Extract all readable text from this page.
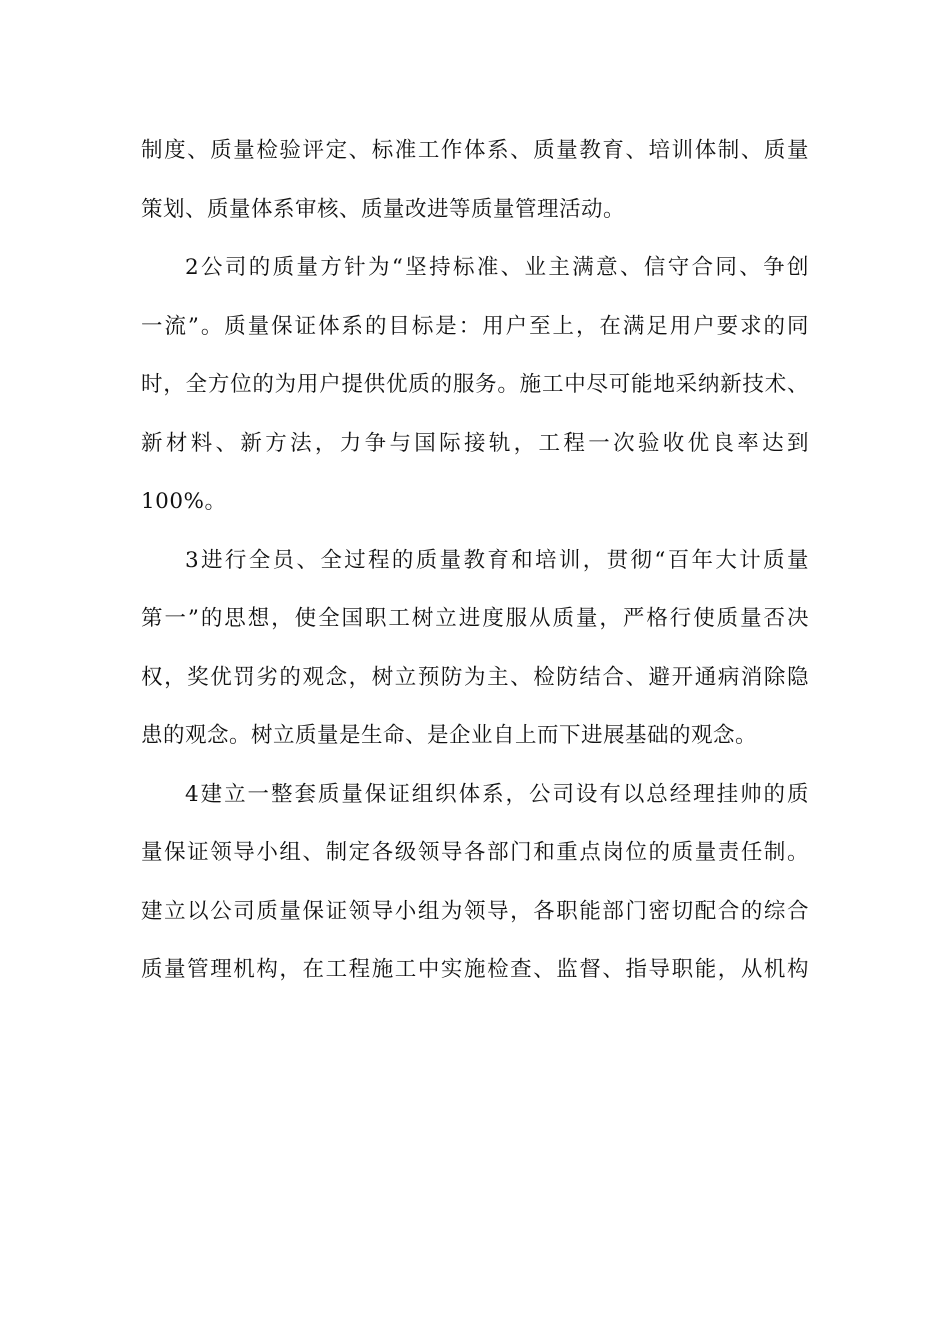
制度、质量检验评定、标准工作体系、质量教育、培训体制、质量
策划、质量体系审核、质量改进等质量管理活动。
2公司的质量方针为“坚持标准、业主满意、信守合同、争创
一流”。质量保证体系的目标是：用户至上，在满足用户要求的同
时，全方位的为用户提供优质的服务。施工中尽可能地采纳新技术、
新材料、新方法，力争与国际接轨，工程一次验收优良率达到
100%。
3进行全员、全过程的质量教育和培训，贯彻“百年大计质量
第一”的思想，使全国职工树立进度服从质量，严格行使质量否决
权，奖优罚劣的观念，树立预防为主、检防结合、避开通病消除隐
患的观念。树立质量是生命、是企业自上而下进展基础的观念。
4建立一整套质量保证组织体系，公司设有以总经理挂帅的质
量保证领导小组、制定各级领导各部门和重点岗位的质量责任制。
建立以公司质量保证领导小组为领导，各职能部门密切配合的综合
质量管理机构，在工程施工中实施检查、监督、指导职能，从机构
